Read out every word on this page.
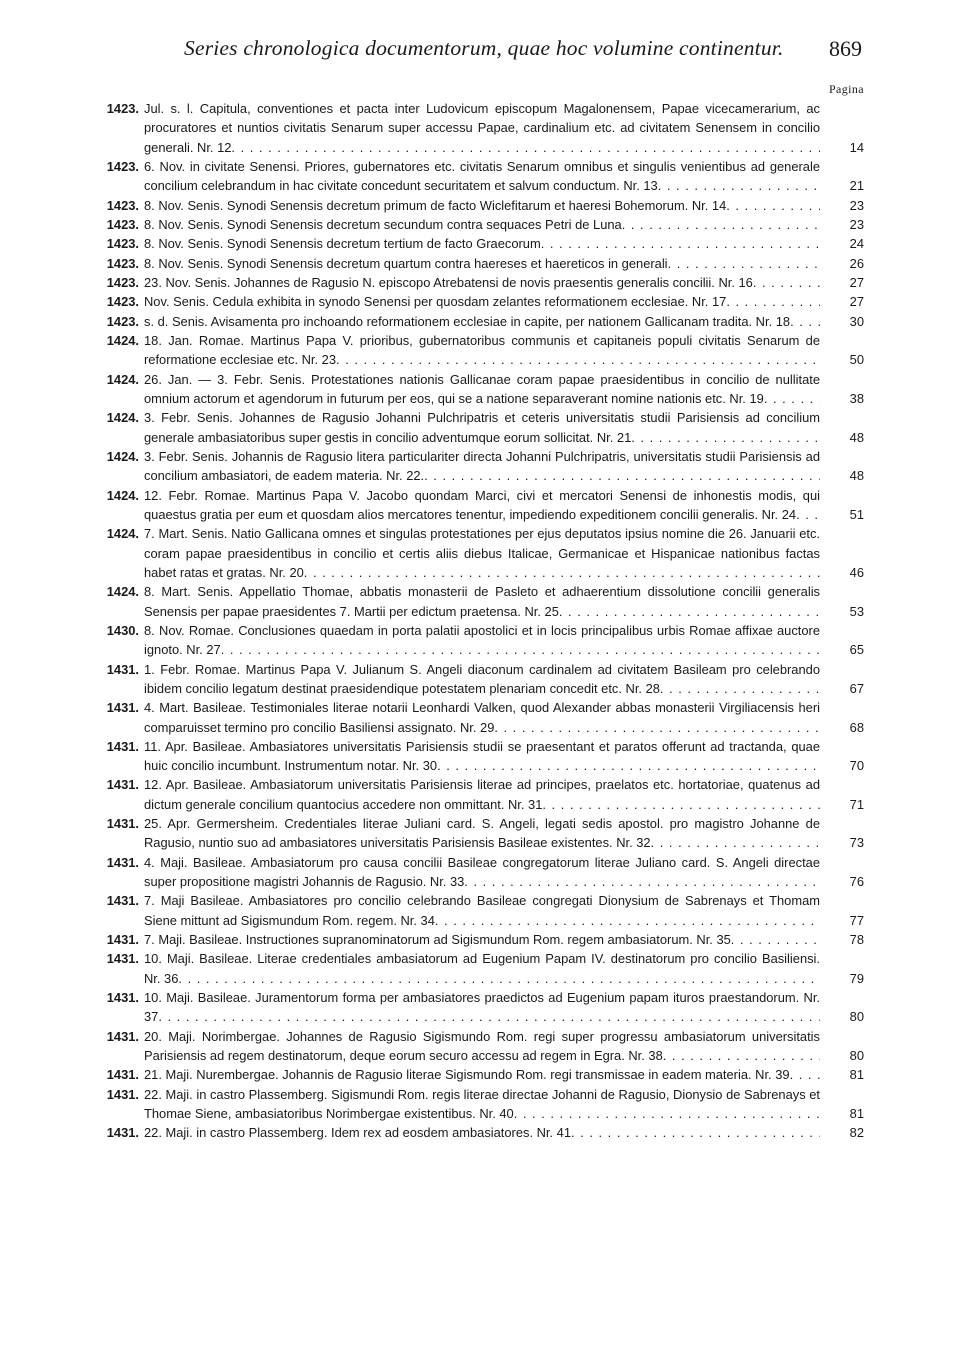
Series chronologica documentorum, quae hoc volumine continentur. 869
Pagina
1423. Jul. s. l. Capitula, conventiones et pacta inter Ludovicum episcopum Magalonensem, Papae vicecamerarium, ac procuratores et nuntios civitatis Senarum super accessu Papae, cardinalium etc. ad civitatem Senensem in concilio generali. Nr. 12 . . .	14
1423. 6. Nov. in civitate Senensi. Priores, gubernatores etc. civitatis Senarum omnibus et singulis venientibus ad generale concilium celebrandum in hac civitate concedunt securitatem et salvum conductum. Nr. 13 . . .	21
1423. 8. Nov. Senis. Synodi Senensis decretum primum de facto Wiclefitarum et haeresi Bohemorum. Nr. 14 . . .	23
1423. 8. Nov. Senis. Synodi Senensis decretum secundum contra sequaces Petri de Luna . . .	23
1423. 8. Nov. Senis. Synodi Senensis decretum tertium de facto Graecorum . . .	24
1423. 8. Nov. Senis. Synodi Senensis decretum quartum contra haereses et haereticos in generali . . .	26
1423. 23. Nov. Senis. Johannes de Ragusio N. episcopo Atrebatensi de novis praesentis generalis concilii. Nr. 16 . . .	27
1423. Nov. Senis. Cedula exhibita in synodo Senensi per quosdam zelantes reformationem ecclesiae. Nr. 17 . . .	27
1423. s. d. Senis. Avisamenta pro inchoando reformationem ecclesiae in capite, per nationem Gallicanam tradita. Nr. 18 . . .	30
1424. 18. Jan. Romae. Martinus Papa V. prioribus, gubernatoribus communis et capitaneis populi civitatis Senarum de reformatione ecclesiae etc. Nr. 23 . . .	50
1424. 26. Jan. — 3. Febr. Senis. Protestationes nationis Gallicanae coram papae praesidentibus in concilio de nullitate omnium actorum et agendorum in futurum per eos, qui se a natione separaverant nomine nationis etc. Nr. 19 . . .	38
1424. 3. Febr. Senis. Johannes de Ragusio Johanni Pulchripatris et ceteris universitatis studii Parisiensis ad concilium generale ambasiatoribus super gestis in concilio adventumque eorum sollicitat. Nr. 21 . . .	48
1424. 3. Febr. Senis. Johannis de Ragusio litera particulariter directa Johanni Pulchripatris, universitatis studii Parisiensis ad concilium ambasiatori, de eadem materia. Nr. 22. . . .	48
1424. 12. Febr. Romae. Martinus Papa V. Jacobo quondam Marci, civi et mercatori Senensi de inhonestis modis, qui quaestus gratia per eum et quosdam alios mercatores tenentur, impediendo expeditionem concilii generalis. Nr. 24 . . .	51
1424. 7. Mart. Senis. Natio Gallicana omnes et singulas protestationes per ejus deputatos ipsius nomine die 26. Januarii etc. coram papae praesidentibus in concilio et certis aliis diebus Italicae, Germanicae et Hispanicae nationibus factas habet ratas et gratas. Nr. 20 . . .	46
1424. 8. Mart. Senis. Appellatio Thomae, abbatis monasterii de Pasleto et adhaerentium dissolutione concilii generalis Senensis per papae praesidentes 7. Martii per edictum praetensa. Nr. 25 . . .	53
1430. 8. Nov. Romae. Conclusiones quaedam in porta palatii apostolici et in locis principalibus urbis Romae affixae auctore ignoto. Nr. 27 . . .	65
1431. 1. Febr. Romae. Martinus Papa V. Julianum S. Angeli diaconum cardinalem ad civitatem Basileam pro celebrando ibidem concilio legatum destinat praesidendique potestatem plenariam concedit etc. Nr. 28 . . .	67
1431. 4. Mart. Basileae. Testimoniales literae notarii Leonhardi Valken, quod Alexander abbas monasterii Virgiliacensis heri comparuisset termino pro concilio Basiliensi assignato. Nr. 29 . . .	68
1431. 11. Apr. Basileae. Ambasiatores universitatis Parisiensis studii se praesentant et paratos offerunt ad tractanda, quae huic concilio incumbunt. Instrumentum notar. Nr. 30 . . .	70
1431. 12. Apr. Basileae. Ambasiatorum universitatis Parisiensis literae ad principes, praelatos etc. hortatoriae, quatenus ad dictum generale concilium quantocius accedere non ommittant. Nr. 31 . . .	71
1431. 25. Apr. Germersheim. Credentiales literae Juliani card. S. Angeli, legati sedis apostol. pro magistro Johanne de Ragusio, nuntio suo ad ambasiatores universitatis Parisiensis Basileae existentes. Nr. 32 . . .	73
1431. 4. Maji. Basileae. Ambasiatorum pro causa concilii Basileae congregatorum literae Juliano card. S. Angeli directae super propositione magistri Johannis de Ragusio. Nr. 33 . . .	76
1431. 7. Maji Basileae. Ambasiatores pro concilio celebrando Basileae congregati Dionysium de Sabrenays et Thomam Siene mittunt ad Sigismundum Rom. regem. Nr. 34 . . .	77
1431. 7. Maji. Basileae. Instructiones supranominatorum ad Sigismundum Rom. regem ambasiatorum. Nr. 35 . . .	78
1431. 10. Maji. Basileae. Literae credentiales ambasiatorum ad Eugenium Papam IV. destinatorum pro concilio Basiliensi. Nr. 36 . . .	79
1431. 10. Maji. Basileae. Juramentorum forma per ambasiatores praedictos ad Eugenium papam ituros praestandorum. Nr. 37 . . .	80
1431. 20. Maji. Norimbergae. Johannes de Ragusio Sigismundo Rom. regi super progressu ambasiatorum universitatis Parisiensis ad regem destinatorum, deque eorum securo accessu ad regem in Egra. Nr. 38 . . .	80
1431. 21. Maji. Nurembergae. Johannis de Ragusio literae Sigismundo Rom. regi transmissae in eadem materia. Nr. 39 . . .	81
1431. 22. Maji. in castro Plassemberg. Sigismundi Rom. regis literae directae Johanni de Ragusio, Dionysio de Sabrenays et Thomae Siene, ambasiatoribus Norimbergae existentibus. Nr. 40 . . .	81
1431. 22. Maji. in castro Plassemberg. Idem rex ad eosdem ambasiatores. Nr. 41 . . .	82
